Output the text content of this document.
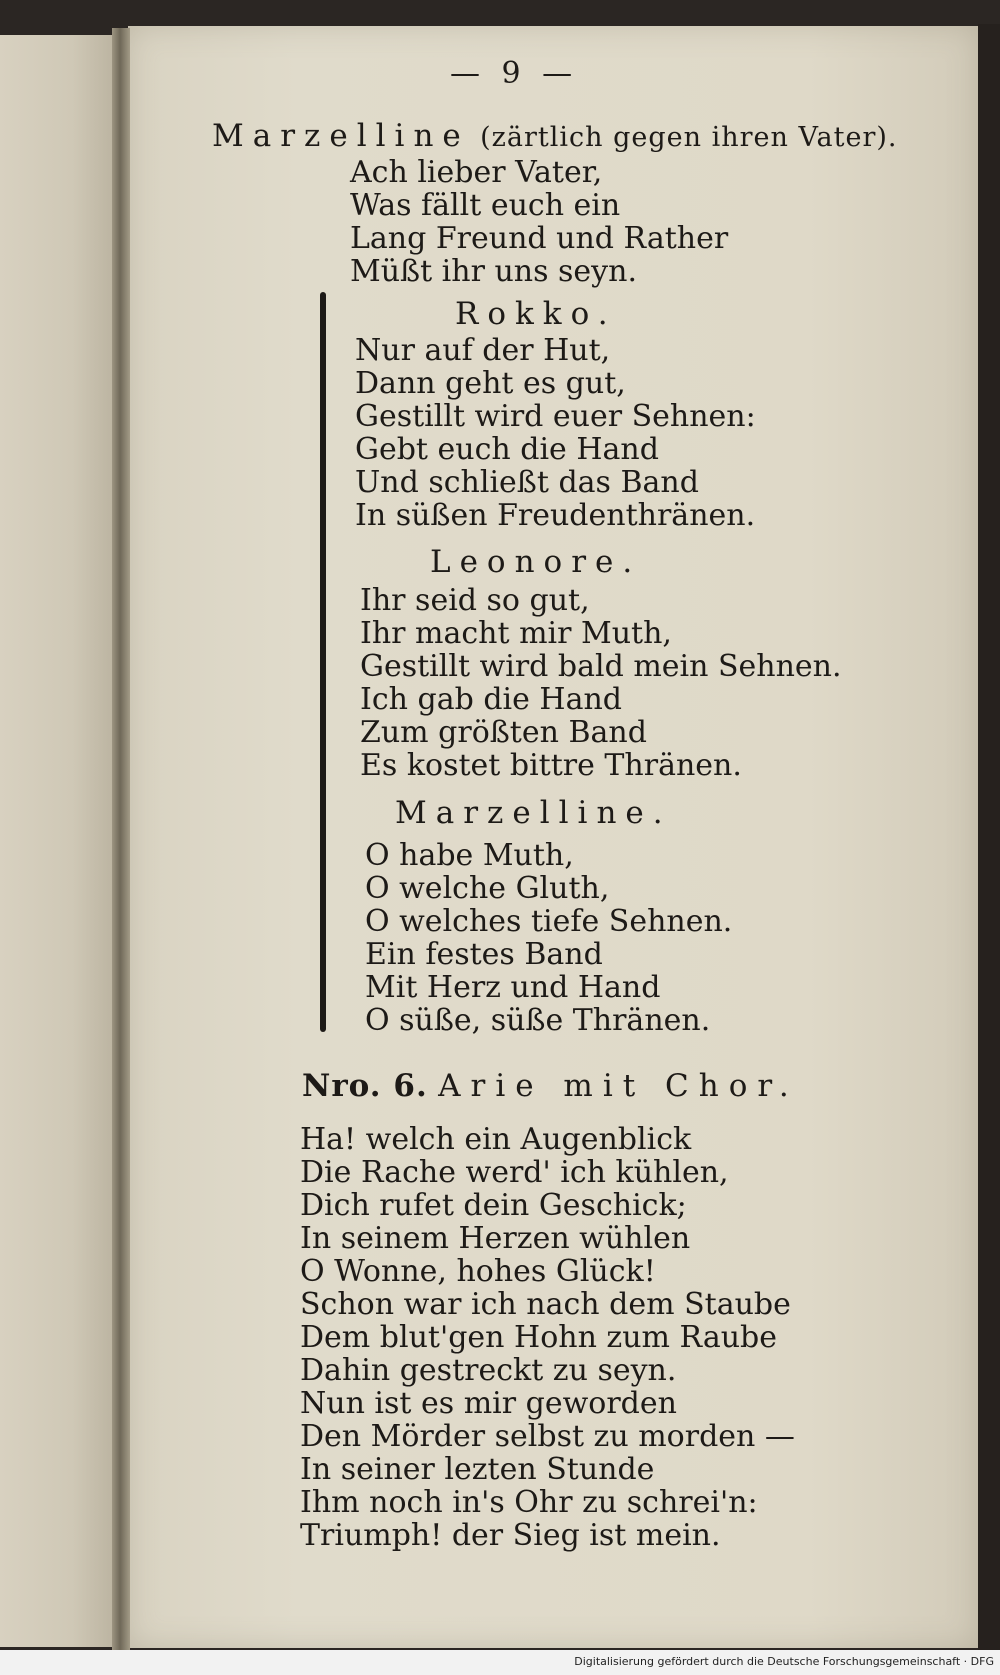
— 9 —
Marzelline (zärtlich gegen ihren Vater).
Ach lieber Vater,
Was fällt euch ein
Lang Freund und Rather
Müßt ihr uns seyn.
Rokko.
Nur auf der Hut,
Dann geht es gut,
Gestillt wird euer Sehnen:
Gebt euch die Hand
Und schließt das Band
In süßen Freudenthränen.
Leonore.
Ihr seid so gut,
Ihr macht mir Muth,
Gestillt wird bald mein Sehnen.
Ich gab die Hand
Zum größten Band
Es kostet bittre Thränen.
Marzelline.
O habe Muth,
O welche Gluth,
O welches tiefe Sehnen.
Ein festes Band
Mit Herz und Hand
O süße, süße Thränen.
Nro. 6. Arie mit Chor.
Ha! welch ein Augenblick
Die Rache werd' ich kühlen,
Dich rufet dein Geschick;
In seinem Herzen wühlen
O Wonne, hohes Glück!
Schon war ich nach dem Staube
Dem blut'gen Hohn zum Raube
Dahin gestreckt zu seyn.
Nun ist es mir geworden
Den Mörder selbst zu morden —
In seiner lezten Stunde
Ihm noch in's Ohr zu schrei'n:
Triumph! der Sieg ist mein.
Digitalisierung gefördert durch die Deutsche Forschungsgemeinschaft · DFG
